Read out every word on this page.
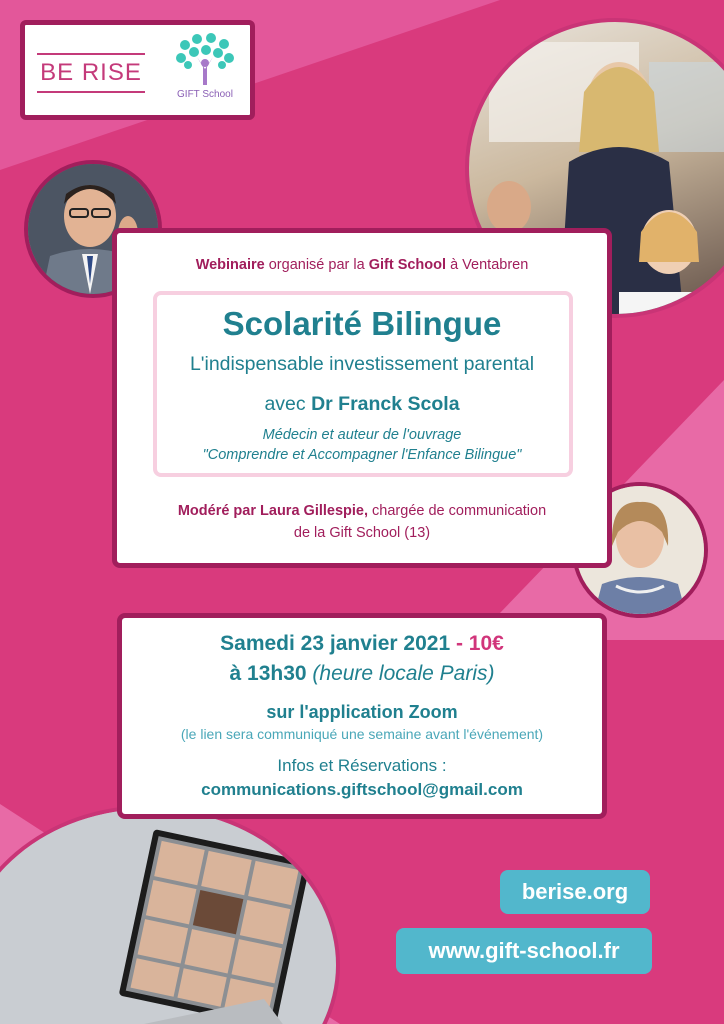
BE RISE
GIFT School
Webinaire organisé par la Gift School à Ventabren
Scolarité Bilingue
L'indispensable investissement parental
avec Dr Franck Scola
Médecin et auteur de l'ouvrage
"Comprendre et Accompagner l'Enfance Bilingue"
Modéré par Laura Gillespie, chargée de communication
de la Gift School (13)
Samedi 23 janvier 2021 - 10€
à 13h30 (heure locale Paris)
sur l'application Zoom
(le lien sera communiqué une semaine avant l'événement)
Infos et Réservations :
communications.giftschool@gmail.com
berise.org
www.gift-school.fr
